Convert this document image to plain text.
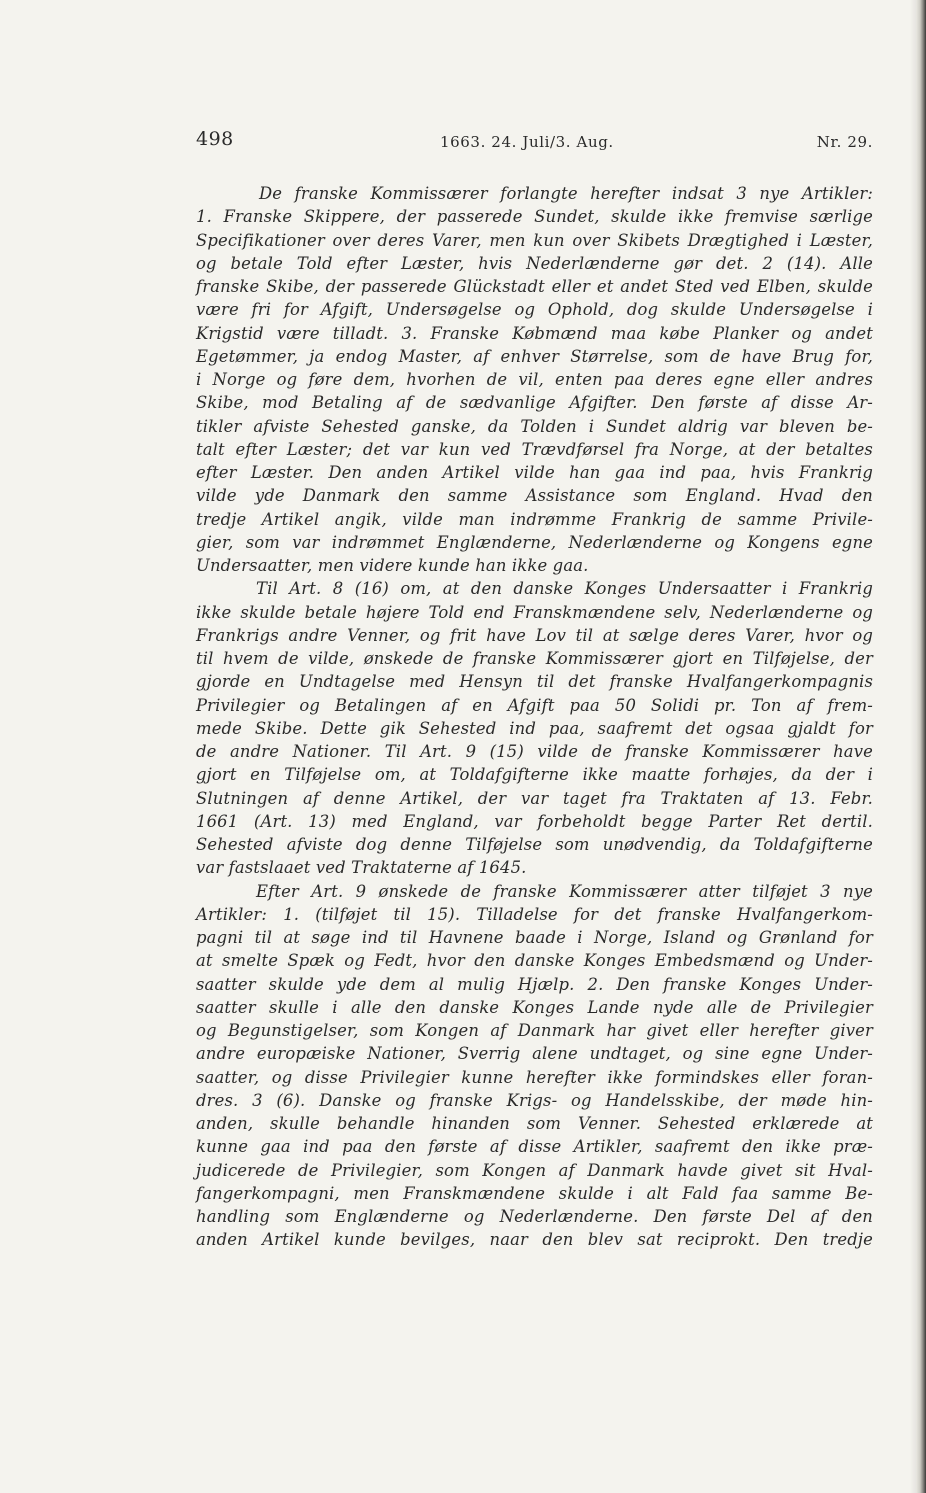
498	1663. 24. Juli/3. Aug.	Nr. 29.
De franske Kommissærer forlangte herefter indsat 3 nye Artikler:
1. Franske Skippere, der passerede Sundet, skulde ikke fremvise særlige
Specifikationer over deres Varer, men kun over Skibets Drægtighed i Læster,
og betale Told efter Læster, hvis Nederlænderne gør det. 2 (14). Alle
franske Skibe, der passerede Glückstadt eller et andet Sted ved Elben, skulde
være fri for Afgift, Undersøgelse og Ophold, dog skulde Undersøgelse i
Krigstid være tilladt. 3. Franske Købmænd maa købe Planker og andet
Egetømmer, ja endog Master, af enhver Størrelse, som de have Brug for,
i Norge og føre dem, hvorhen de vil, enten paa deres egne eller andres
Skibe, mod Betaling af de sædvanlige Afgifter. Den første af disse Ar-
tikler afviste Sehested ganske, da Tolden i Sundet aldrig var bleven be-
talt efter Læster; det var kun ved Trævdførsel fra Norge, at der betaltes
efter Læster. Den anden Artikel vilde han gaa ind paa, hvis Frankrig
vilde yde Danmark den samme Assistance som England. Hvad den
tredje Artikel angik, vilde man indrømme Frankrig de samme Privile-
gier, som var indrømmet Englænderne, Nederlænderne og Kongens egne
Undersaatter, men videre kunde han ikke gaa.
Til Art. 8 (16) om, at den danske Konges Undersaatter i Frankrig
ikke skulde betale højere Told end Franskmændene selv, Nederlænderne og
Frankrigs andre Venner, og frit have Lov til at sælge deres Varer, hvor og
til hvem de vilde, ønskede de franske Kommissærer gjort en Tilføjelse, der
gjorde en Undtagelse med Hensyn til det franske Hvalfangerkompagnis
Privilegier og Betalingen af en Afgift paa 50 Solidi pr. Ton af frem-
mede Skibe. Dette gik Sehested ind paa, saafremt det ogsaa gjaldt for
de andre Nationer. Til Art. 9 (15) vilde de franske Kommissærer have
gjort en Tilføjelse om, at Toldafgifterne ikke maatte forhøjes, da der i
Slutningen af denne Artikel, der var taget fra Traktaten af 13. Febr.
1661 (Art. 13) med England, var forbeholdt begge Parter Ret dertil.
Sehested afviste dog denne Tilføjelse som unødvendig, da Toldafgifterne
var fastslaaet ved Traktaterne af 1645.
Efter Art. 9 ønskede de franske Kommissærer atter tilføjet 3 nye
Artikler: 1. (tilføjet til 15). Tilladelse for det franske Hvalfangerkom-
pagni til at søge ind til Havnene baade i Norge, Island og Grønland for
at smelte Spæk og Fedt, hvor den danske Konges Embedsmænd og Under-
saatter skulde yde dem al mulig Hjælp. 2. Den franske Konges Under-
saatter skulle i alle den danske Konges Lande nyde alle de Privilegier
og Begunstigelser, som Kongen af Danmark har givet eller herefter giver
andre europæiske Nationer, Sverrig alene undtaget, og sine egne Under-
saatter, og disse Privilegier kunne herefter ikke formindskes eller foran-
dres. 3 (6). Danske og franske Krigs- og Handelsskibe, der møde hin-
anden, skulle behandle hinanden som Venner. Sehested erklærede at
kunne gaa ind paa den første af disse Artikler, saafremt den ikke præ-
judicerede de Privilegier, som Kongen af Danmark havde givet sit Hval-
fangerkompagni, men Franskmændene skulde i alt Fald faa samme Be-
handling som Englænderne og Nederlænderne. Den første Del af den
anden Artikel kunde bevilges, naar den blev sat reciprokt. Den tredje
